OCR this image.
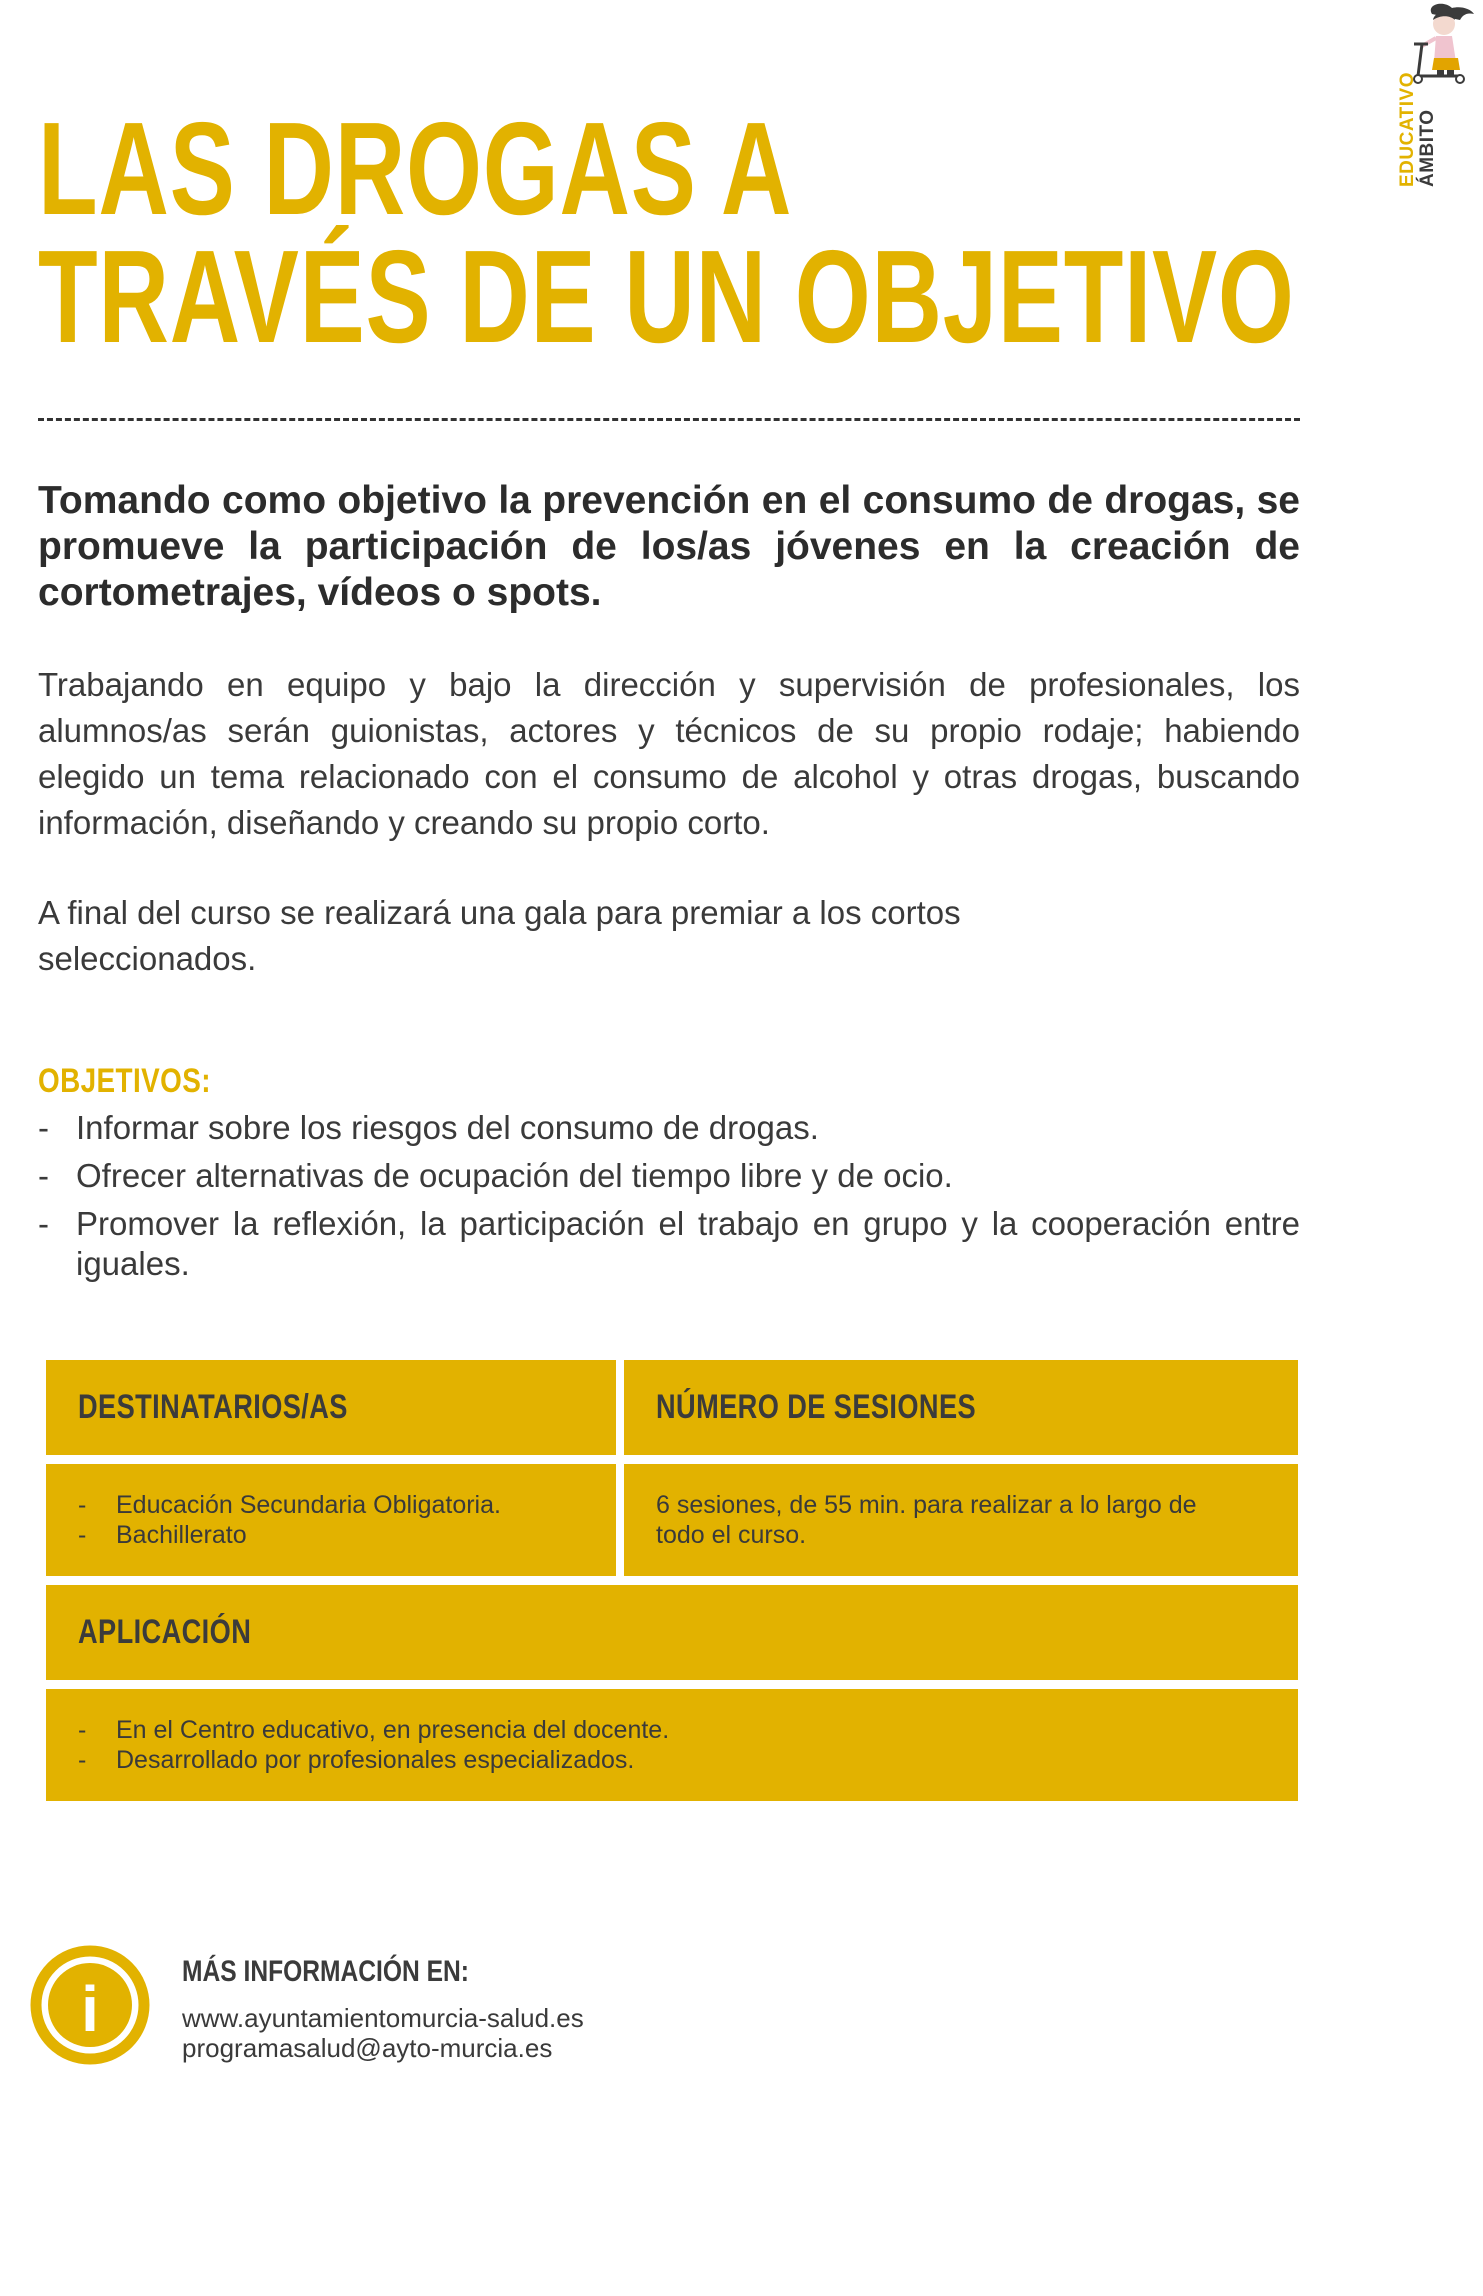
ÁMBITO
EDUCATIVO
LAS DROGAS A
TRAVÉS DE UN OBJETIVO

Tomando como objetivo la prevención en el consumo de drogas, se promueve la participación de los/as jóvenes en la creación de cortometrajes, vídeos o spots.

Trabajando en equipo y bajo la dirección y supervisión de profesionales, los alumnos/as serán guionistas, actores y técnicos de su propio rodaje; habiendo elegido un tema relacionado con el consumo de alcohol y otras drogas, buscando información, diseñando y creando su propio corto.

A final del curso se realizará una gala para premiar a los cortos seleccionados.

OBJETIVOS:
- Informar sobre los riesgos del consumo de drogas.
- Ofrecer alternativas de ocupación del tiempo libre y de ocio.
- Promover la reflexión, la participación el trabajo en grupo y la cooperación entre iguales.
DESTINATARIOS/AS	NÚMERO DE SESIONES
- Educación Secundaria Obligatoria.
- Bachillerato
6 sesiones, de 55 min. para realizar a lo largo de todo el curso.
APLICACIÓN
- En el Centro educativo, en presencia del docente.
- Desarrollado por profesionales especializados.
i
MÁS INFORMACIÓN EN:
www.ayuntamientomurcia-salud.es
programasalud@ayto-murcia.es
